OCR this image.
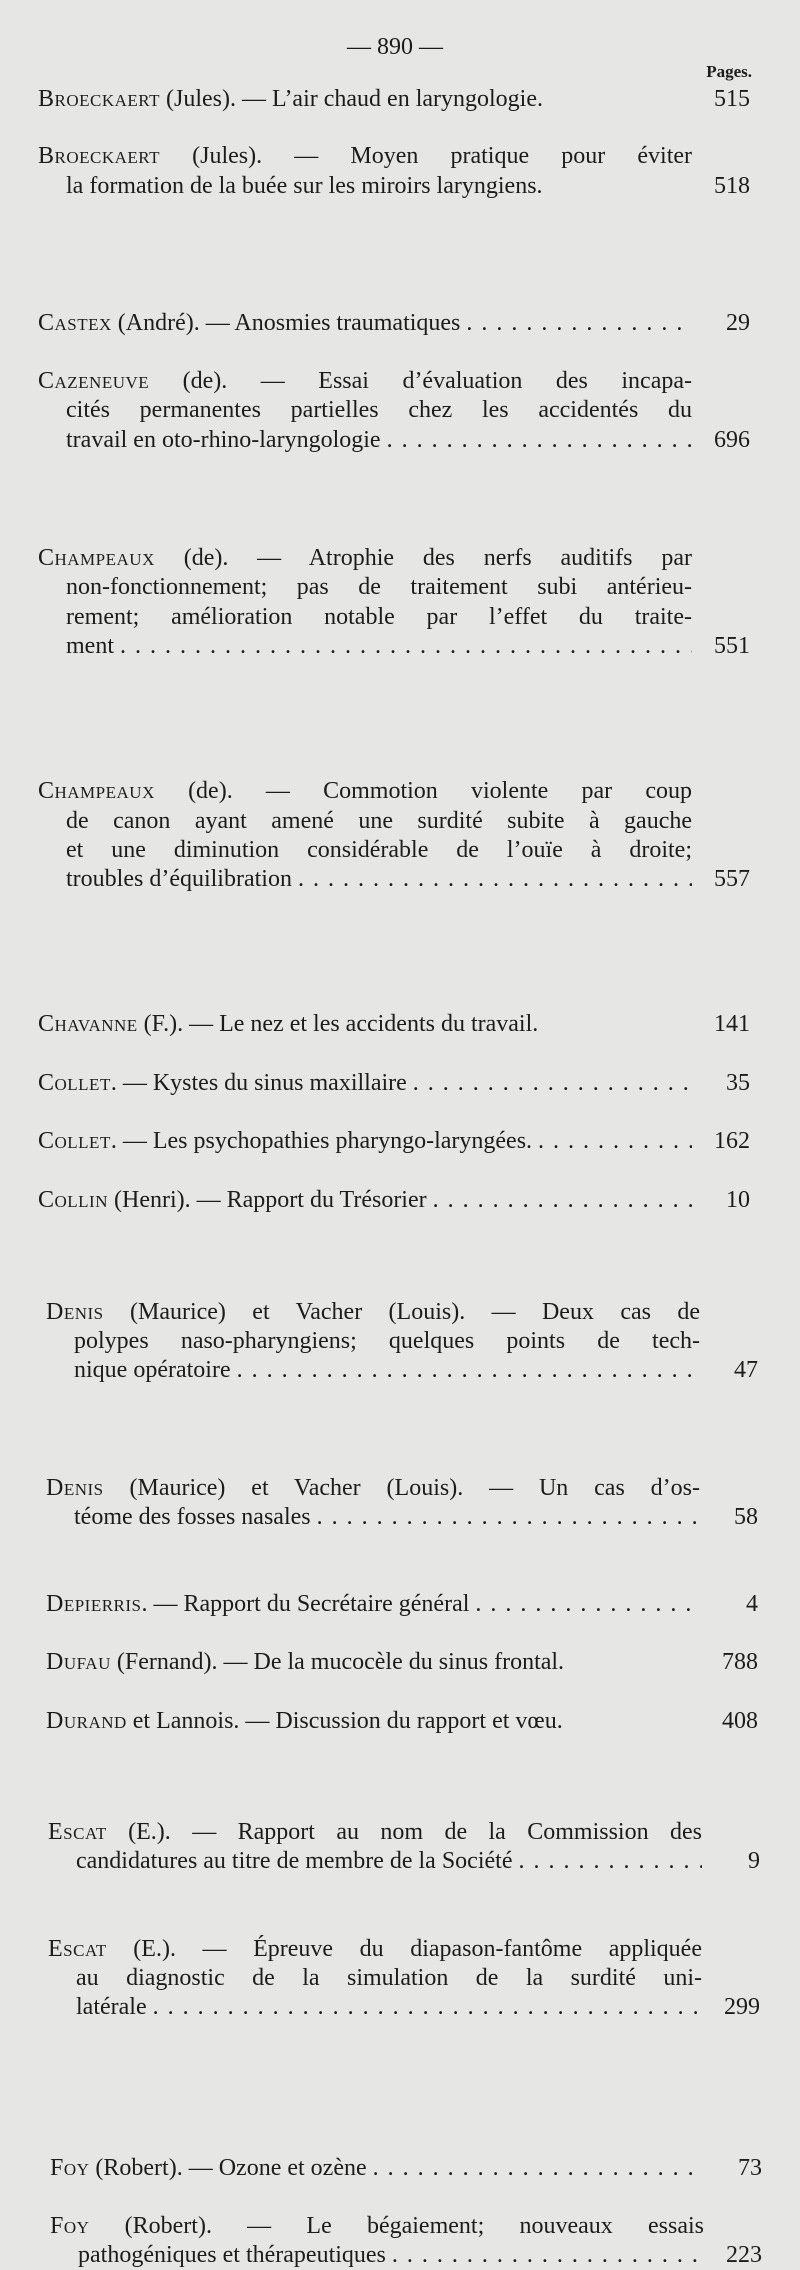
— 890 —
Pages.
Broeckaert (Jules). — L’air chaud en laryngologie.	515
Broeckaert (Jules). — Moyen pratique pour éviter
la formation de la buée sur les miroirs laryngiens.	518
Castex (André). — Anosmies traumatiques . . .	29
Cazeneuve (de). — Essai d’évaluation des incapa-
cités permanentes partielles chez les accidentés du
travail en oto-rhino-laryngologie . . .	696
Champeaux (de). — Atrophie des nerfs auditifs par
non-fonctionnement; pas de traitement subi antérieu-
rement; amélioration notable par l’effet du traite-
ment . . .	551
Champeaux (de). — Commotion violente par coup
de canon ayant amené une surdité subite à gauche
et une diminution considérable de l’ouïe à droite;
troubles d’équilibration . . .	557
Chavanne (F.). — Le nez et les accidents du travail.	141
Collet. — Kystes du sinus maxillaire . . .	35
Collet. — Les psychopathies pharyngo-laryngées. . . .	162
Collin (Henri). — Rapport du Trésorier . . .	10
Denis (Maurice) et Vacher (Louis). — Deux cas de
polypes naso-pharyngiens; quelques points de tech-
nique opératoire . . .	47
Denis (Maurice) et Vacher (Louis). — Un cas d’os-
téome des fosses nasales . . .	58
Depierris. — Rapport du Secrétaire général . . .	4
Dufau (Fernand). — De la mucocèle du sinus frontal.	788
Durand et Lannois. — Discussion du rapport et vœu.	408
Escat (E.). — Rapport au nom de la Commission des
candidatures au titre de membre de la Société . . .	9
Escat (E.). — Épreuve du diapason-fantôme appliquée
au diagnostic de la simulation de la surdité uni-
latérale . . .	299
Foy (Robert). — Ozone et ozène . . .	73
Foy (Robert). — Le bégaiement; nouveaux essais
pathogéniques et thérapeutiques . . .	223
